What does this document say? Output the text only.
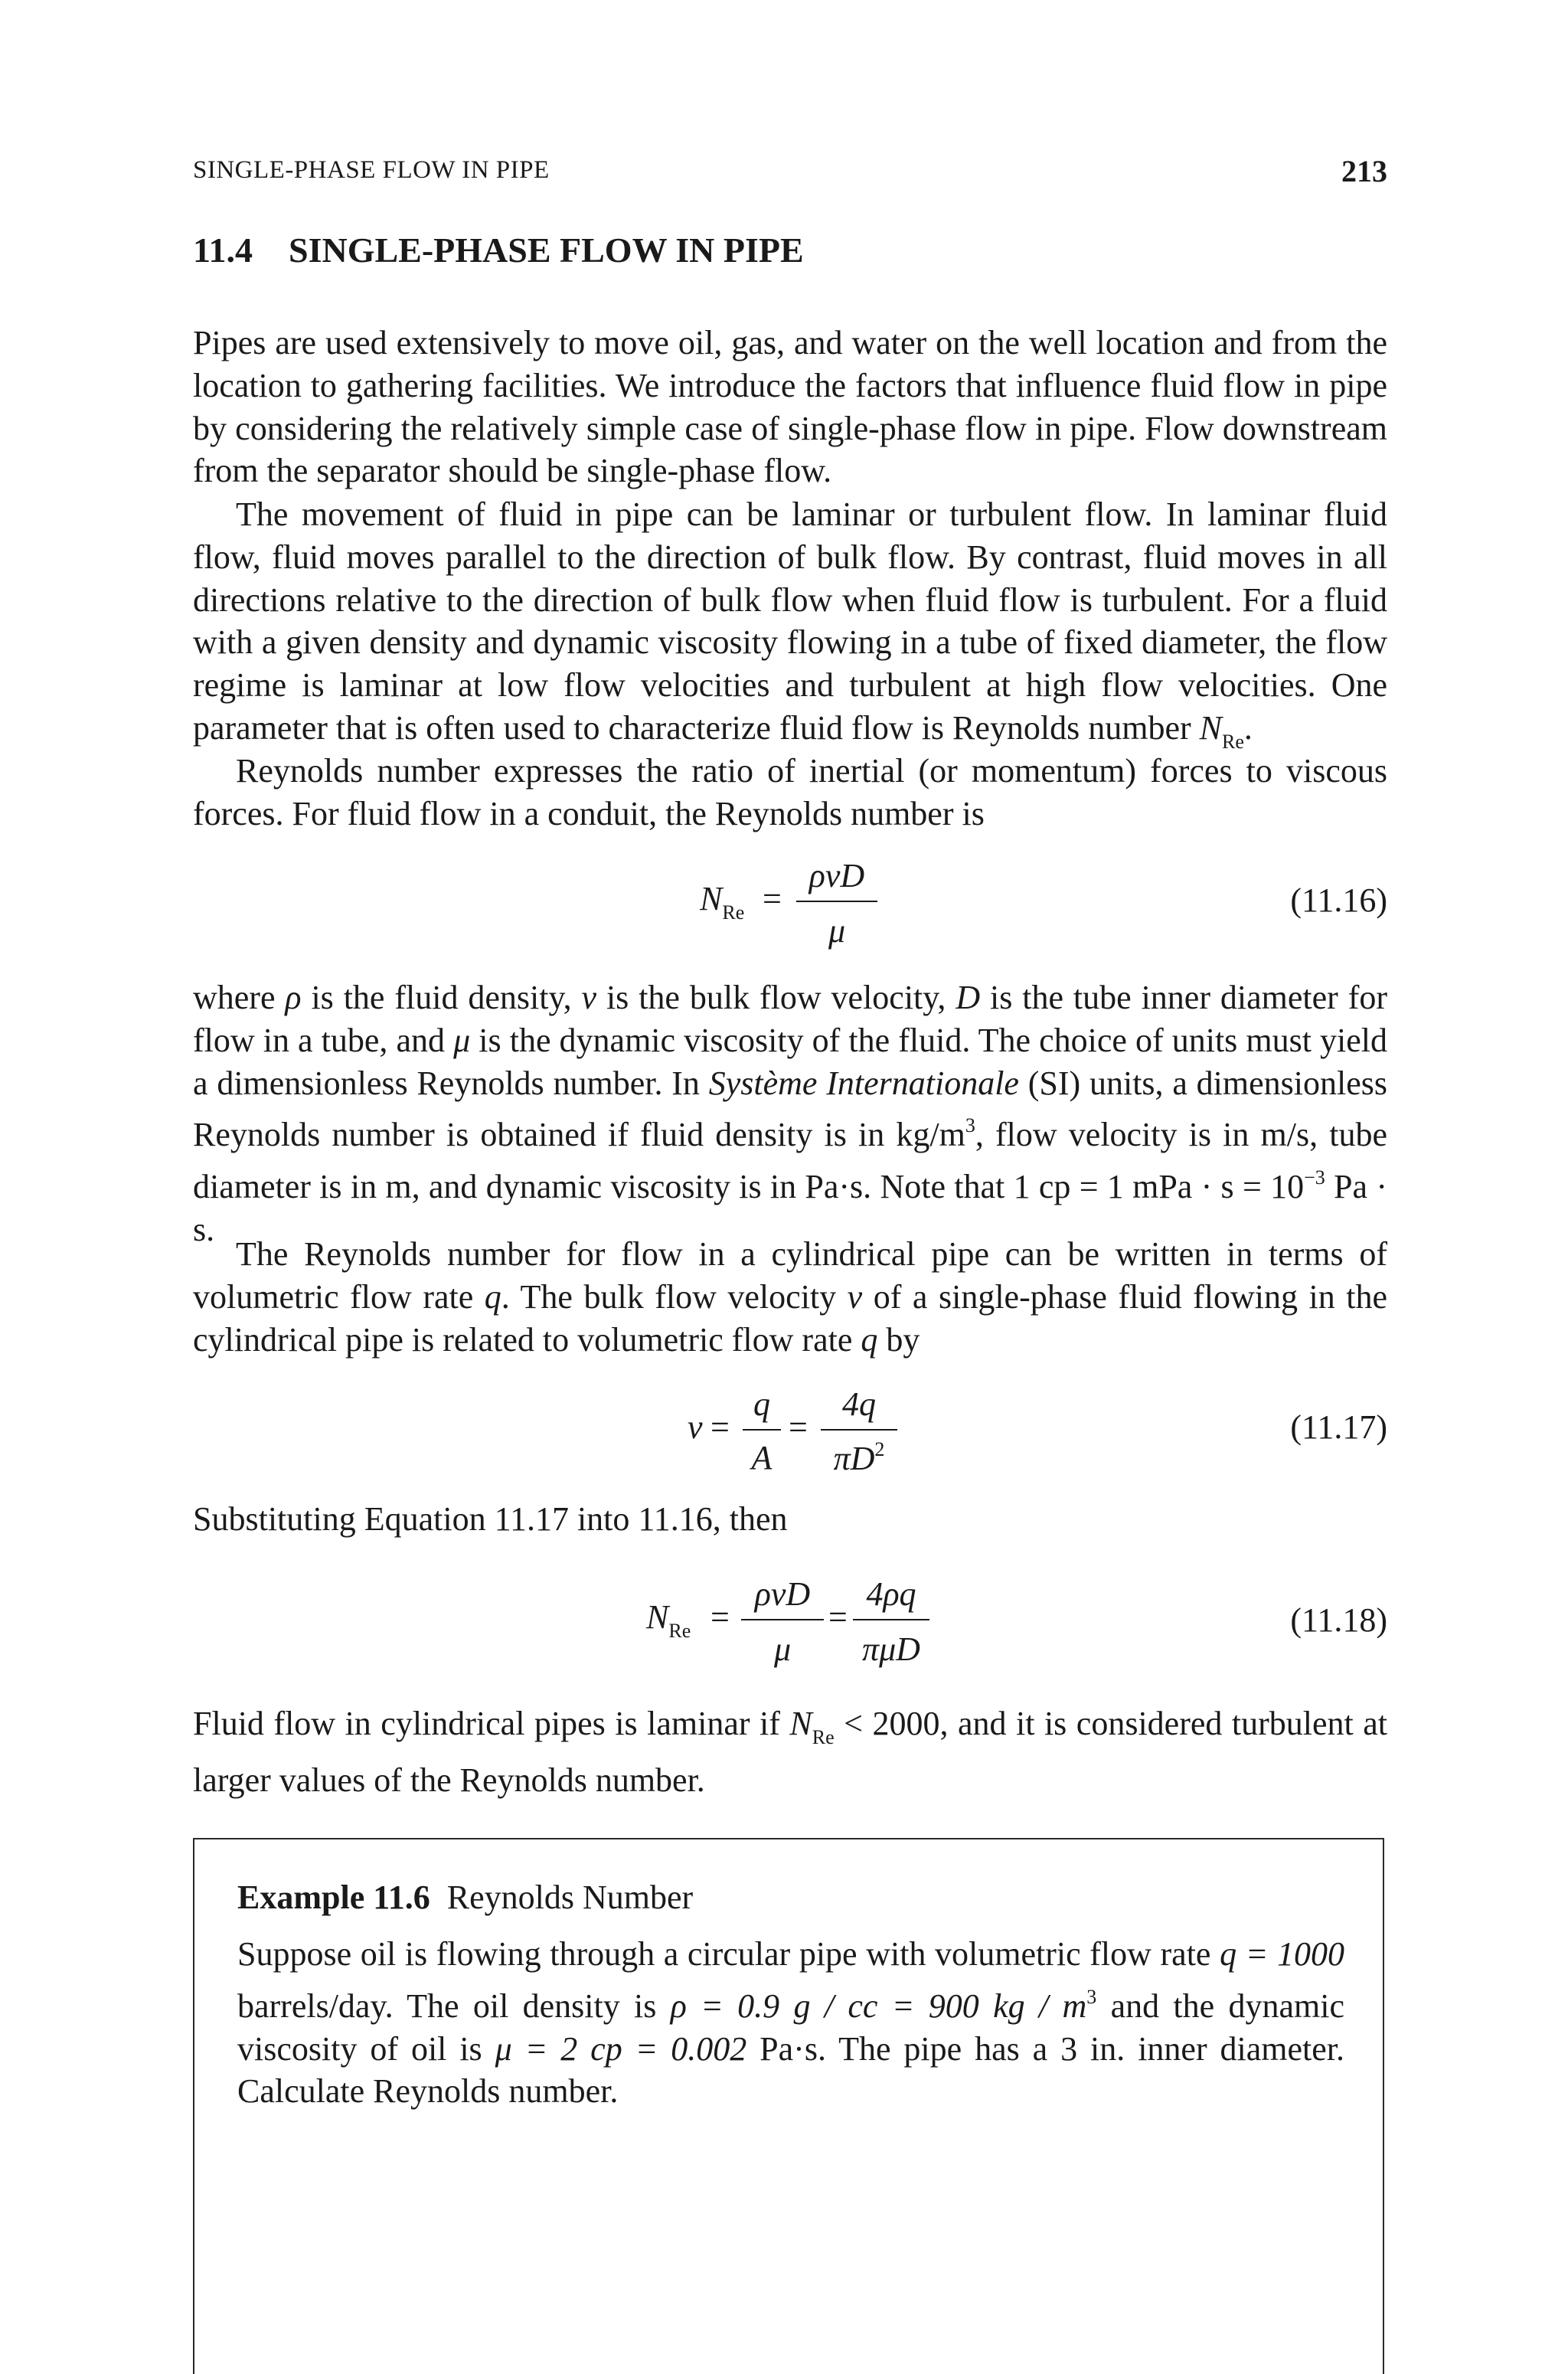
SINGLE-PHASE FLOW IN PIPE	213
11.4 SINGLE-PHASE FLOW IN PIPE

Pipes are used extensively to move oil, gas, and water on the well location and from the location to gathering facilities. We introduce the factors that influence fluid flow in pipe by considering the relatively simple case of single-phase flow in pipe. Flow downstream from the separator should be single-phase flow.

The movement of fluid in pipe can be laminar or turbulent flow. In laminar fluid flow, fluid moves parallel to the direction of bulk flow. By contrast, fluid moves in all directions relative to the direction of bulk flow when fluid flow is turbulent. For a fluid with a given density and dynamic viscosity flowing in a tube of fixed diameter, the flow regime is laminar at low flow velocities and turbulent at high flow velocities. One parameter that is often used to characterize fluid flow is Reynolds number $N_{Re}$.

Reynolds number expresses the ratio of inertial (or momentum) forces to viscous forces. For fluid flow in a conduit, the Reynolds number is

$N_{Re}$ =
ρvD
μ
(11.16)

where ρ is the fluid density, v is the bulk flow velocity, D is the tube inner diameter for flow in a tube, and μ is the dynamic viscosity of the fluid. The choice of units must yield a dimensionless Reynolds number. In Système Internationale (SI) units, a dimensionless Reynolds number is obtained if fluid density is in $kg/m^3$, flow velocity is in m/s, tube diameter is in m, and dynamic viscosity is in Pa·s. Note that 1 cp = 1 mPa · $s = 10^{-3}$ Pa · s.

The Reynolds number for flow in a cylindrical pipe can be written in terms of volumetric flow rate q. The bulk flow velocity v of a single-phase fluid flowing in the cylindrical pipe is related to volumetric flow rate q by

v =
q
A
=
4q
$\pi D^2$
(11.17)

Substituting Equation 11.17 into 11.16, then

$N_{Re}$ =
ρvD
μ
=
4ρq
πμD
(11.18)

Fluid flow in cylindrical pipes is laminar if $N_{Re} < 2000$, and it is considered turbulent at larger values of the Reynolds number.

Example 11.6 Reynolds Number

Suppose oil is flowing through a circular pipe with volumetric flow rate q = 1000 barrels/day. The oil density is ρ = 0.9 g / cc = 900 kg / $m^3$ and the dynamic viscosity of oil is μ = 2 cp = 0.002 Pa·s. The pipe has a 3 in. inner diameter. Calculate Reynolds number.
